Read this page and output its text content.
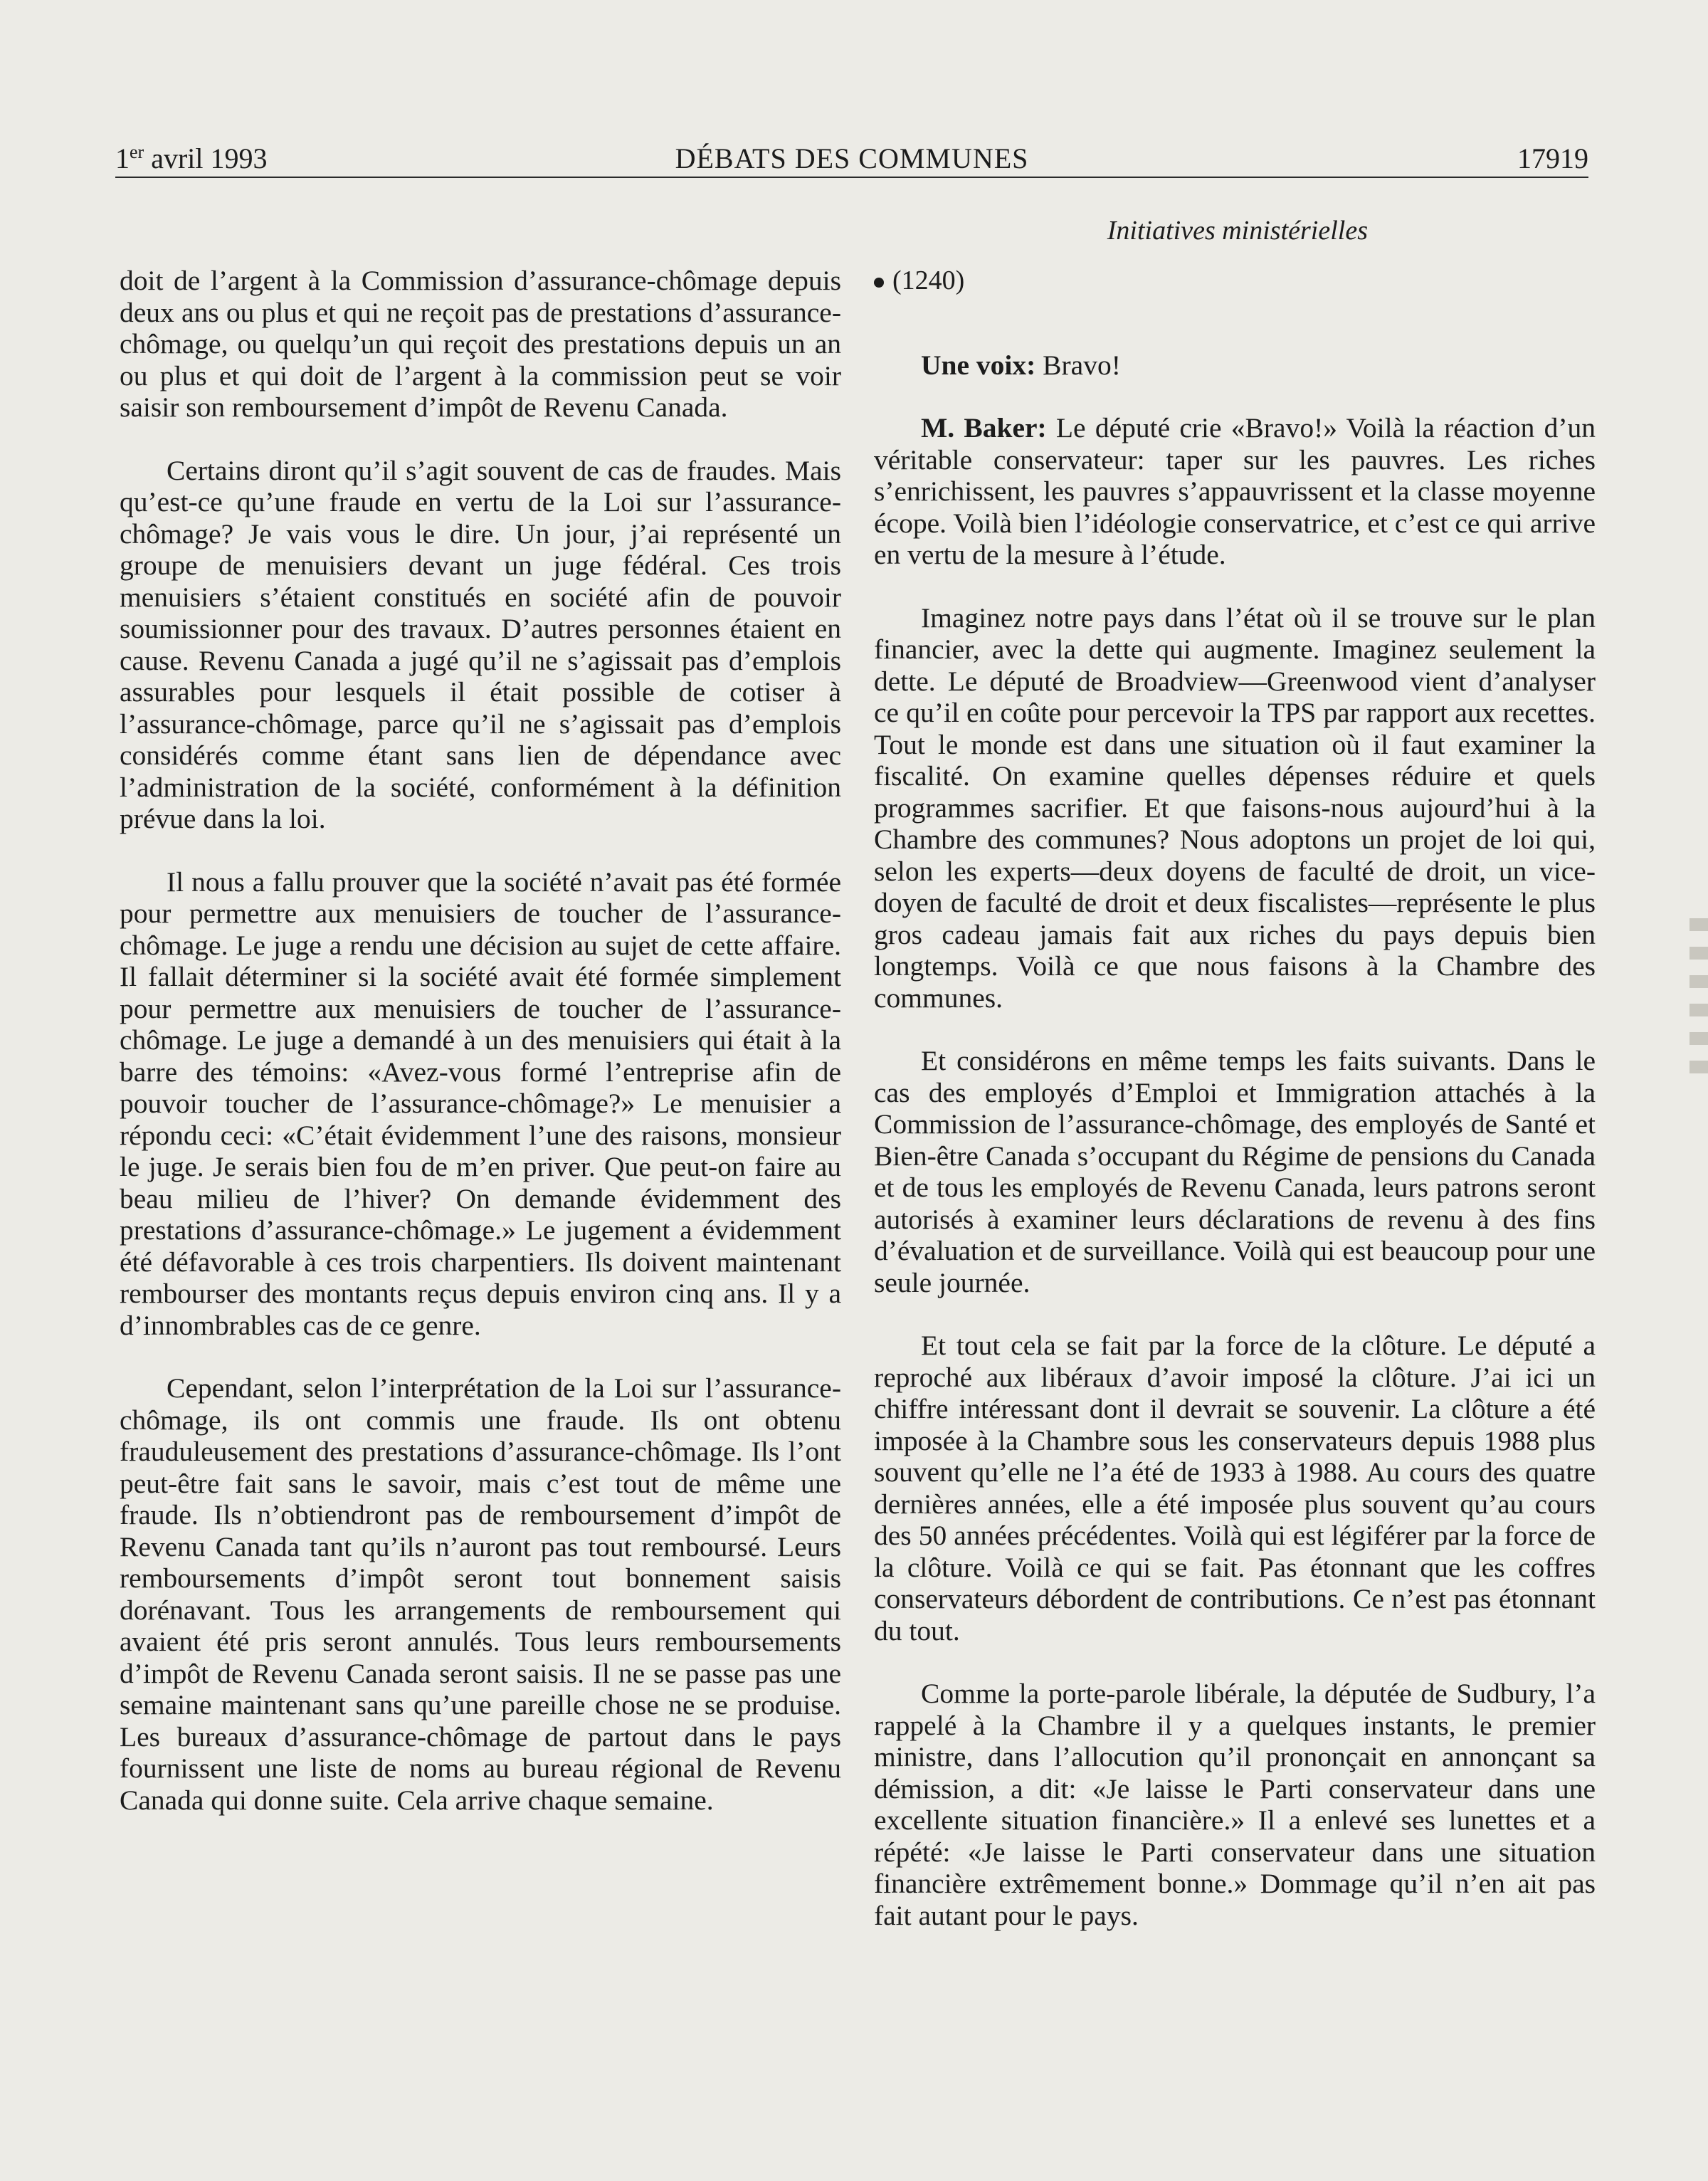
1er avril 1993	DÉBATS DES COMMUNES	17919
Initiatives ministérielles

doit de l’argent à la Commission d’assurance-chômage depuis deux ans ou plus et qui ne reçoit pas de prestations d’assurance-chômage, ou quelqu’un qui reçoit des prestations depuis un an ou plus et qui doit de l’argent à la commission peut se voir saisir son remboursement d’impôt de Revenu Canada.

Certains diront qu’il s’agit souvent de cas de fraudes. Mais qu’est-ce qu’une fraude en vertu de la Loi sur l’assurance-chômage? Je vais vous le dire. Un jour, j’ai représenté un groupe de menuisiers devant un juge fédéral. Ces trois menuisiers s’étaient constitués en société afin de pouvoir soumissionner pour des travaux. D’autres personnes étaient en cause. Revenu Canada a jugé qu’il ne s’agissait pas d’emplois assurables pour lesquels il était possible de cotiser à l’assurance-chômage, parce qu’il ne s’agissait pas d’emplois considérés comme étant sans lien de dépendance avec l’administration de la société, conformément à la définition prévue dans la loi.

Il nous a fallu prouver que la société n’avait pas été formée pour permettre aux menuisiers de toucher de l’assurance-chômage. Le juge a rendu une décision au sujet de cette affaire. Il fallait déterminer si la société avait été formée simplement pour permettre aux menuisiers de toucher de l’assurance-chômage. Le juge a demandé à un des menuisiers qui était à la barre des témoins: «Avez-vous formé l’entreprise afin de pouvoir toucher de l’assurance-chômage?» Le menuisier a répondu ceci: «C’était évidemment l’une des raisons, monsieur le juge. Je serais bien fou de m’en priver. Que peut-on faire au beau milieu de l’hiver? On demande évidemment des prestations d’assurance-chômage.» Le jugement a évidemment été défavorable à ces trois charpentiers. Ils doivent maintenant rembourser des montants reçus depuis environ cinq ans. Il y a d’innombrables cas de ce genre.

Cependant, selon l’interprétation de la Loi sur l’assurance-chômage, ils ont commis une fraude. Ils ont obtenu frauduleusement des prestations d’assurance-chômage. Ils l’ont peut-être fait sans le savoir, mais c’est tout de même une fraude. Ils n’obtiendront pas de remboursement d’impôt de Revenu Canada tant qu’ils n’auront pas tout remboursé. Leurs remboursements d’impôt seront tout bonnement saisis dorénavant. Tous les arrangements de remboursement qui avaient été pris seront annulés. Tous leurs remboursements d’impôt de Revenu Canada seront saisis. Il ne se passe pas une semaine maintenant sans qu’une pareille chose ne se produise. Les bureaux d’assurance-chômage de partout dans le pays fournissent une liste de noms au bureau régional de Revenu Canada qui donne suite. Cela arrive chaque semaine.

(1240)

Une voix: Bravo!

M. Baker: Le député crie «Bravo!» Voilà la réaction d’un véritable conservateur: taper sur les pauvres. Les riches s’enrichissent, les pauvres s’appauvrissent et la classe moyenne écope. Voilà bien l’idéologie conservatrice, et c’est ce qui arrive en vertu de la mesure à l’étude.

Imaginez notre pays dans l’état où il se trouve sur le plan financier, avec la dette qui augmente. Imaginez seulement la dette. Le député de Broadview—Greenwood vient d’analyser ce qu’il en coûte pour percevoir la TPS par rapport aux recettes. Tout le monde est dans une situation où il faut examiner la fiscalité. On examine quelles dépenses réduire et quels programmes sacrifier. Et que faisons-nous aujourd’hui à la Chambre des communes? Nous adoptons un projet de loi qui, selon les experts—deux doyens de faculté de droit, un vice-doyen de faculté de droit et deux fiscalistes—représente le plus gros cadeau jamais fait aux riches du pays depuis bien longtemps. Voilà ce que nous faisons à la Chambre des communes.

Et considérons en même temps les faits suivants. Dans le cas des employés d’Emploi et Immigration attachés à la Commission de l’assurance-chômage, des employés de Santé et Bien-être Canada s’occupant du Régime de pensions du Canada et de tous les employés de Revenu Canada, leurs patrons seront autorisés à examiner leurs déclarations de revenu à des fins d’évaluation et de surveillance. Voilà qui est beaucoup pour une seule journée.

Et tout cela se fait par la force de la clôture. Le député a reproché aux libéraux d’avoir imposé la clôture. J’ai ici un chiffre intéressant dont il devrait se souvenir. La clôture a été imposée à la Chambre sous les conservateurs depuis 1988 plus souvent qu’elle ne l’a été de 1933 à 1988. Au cours des quatre dernières années, elle a été imposée plus souvent qu’au cours des 50 années précédentes. Voilà qui est légiférer par la force de la clôture. Voilà ce qui se fait. Pas étonnant que les coffres conservateurs débordent de contributions. Ce n’est pas étonnant du tout.

Comme la porte-parole libérale, la députée de Sudbury, l’a rappelé à la Chambre il y a quelques instants, le premier ministre, dans l’allocution qu’il prononçait en annonçant sa démission, a dit: «Je laisse le Parti conservateur dans une excellente situation financière.» Il a enlevé ses lunettes et a répété: «Je laisse le Parti conservateur dans une situation financière extrêmement bonne.» Dommage qu’il n’en ait pas fait autant pour le pays.
